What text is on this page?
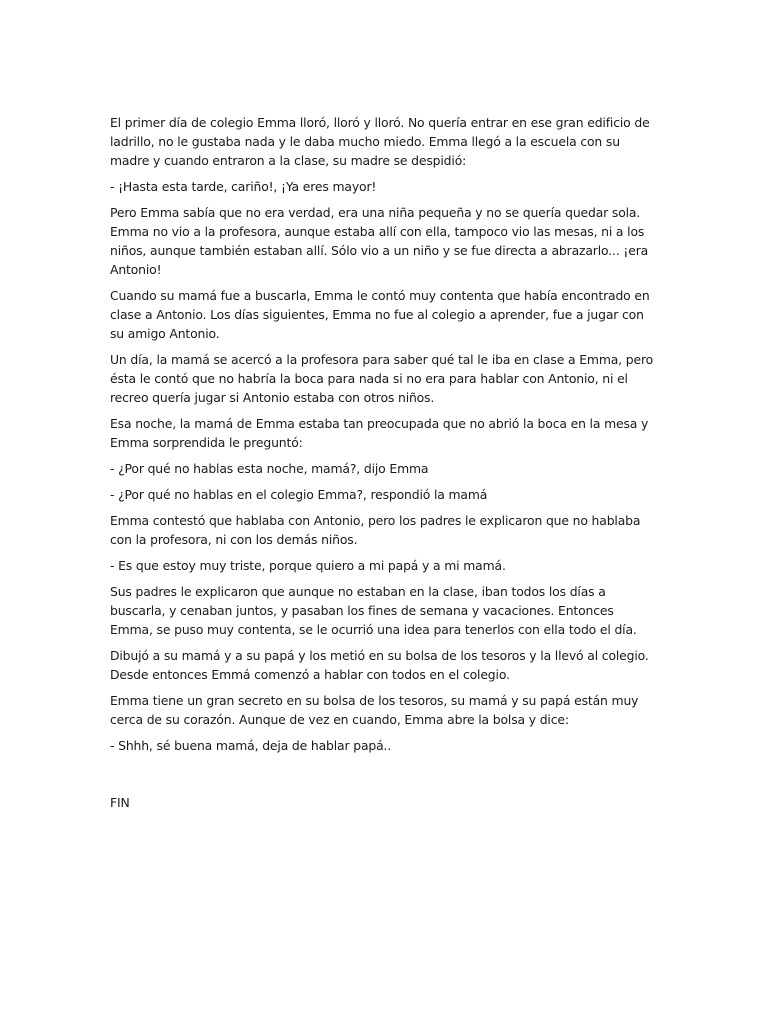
El primer día de colegio Emma lloró, lloró y lloró. No quería entrar en ese gran edificio de ladrillo, no le gustaba nada y le daba mucho miedo. Emma llegó a la escuela con su madre y cuando entraron a la clase, su madre se despidió:

- ¡Hasta esta tarde, cariño!, ¡Ya eres mayor!

Pero Emma sabía que no era verdad, era una niña pequeña y no se quería quedar sola. Emma no vio a la profesora, aunque estaba allí con ella, tampoco vio las mesas, ni a los niños, aunque también estaban allí. Sólo vio a un niño y se fue directa a abrazarlo... ¡era Antonio!

Cuando su mamá fue a buscarla, Emma le contó muy contenta que había encontrado en clase a Antonio. Los días siguientes, Emma no fue al colegio a aprender, fue a jugar con su amigo Antonio.

Un día, la mamá se acercó a la profesora para saber qué tal le iba en clase a Emma, pero ésta le contó que no habría la boca para nada si no era para hablar con Antonio, ni el recreo quería jugar si Antonio estaba con otros niños.

Esa noche, la mamá de Emma estaba tan preocupada que no abrió la boca en la mesa y Emma sorprendida le preguntó:

- ¿Por qué no hablas esta noche, mamá?, dijo Emma

- ¿Por qué no hablas en el colegio Emma?, respondió la mamá

Emma contestó que hablaba con Antonio, pero los padres le explicaron que no hablaba con la profesora, ni con los demás niños.

- Es que estoy muy triste, porque quiero a mi papá y a mi mamá.

Sus padres le explicaron que aunque no estaban en la clase, iban todos los días a buscarla, y cenaban juntos, y pasaban los fines de semana y vacaciones. Entonces Emma, se puso muy contenta, se le ocurrió una idea para tenerlos con ella todo el día.

Dibujó a su mamá y a su papá y los metió en su bolsa de los tesoros y la llevó al colegio. Desde entonces Emmá comenzó a hablar con todos en el colegio.

Emma tiene un gran secreto en su bolsa de los tesoros, su mamá y su papá están muy cerca de su corazón. Aunque de vez en cuando, Emma abre la bolsa y dice:

- Shhh, sé buena mamá, deja de hablar papá..

FIN
